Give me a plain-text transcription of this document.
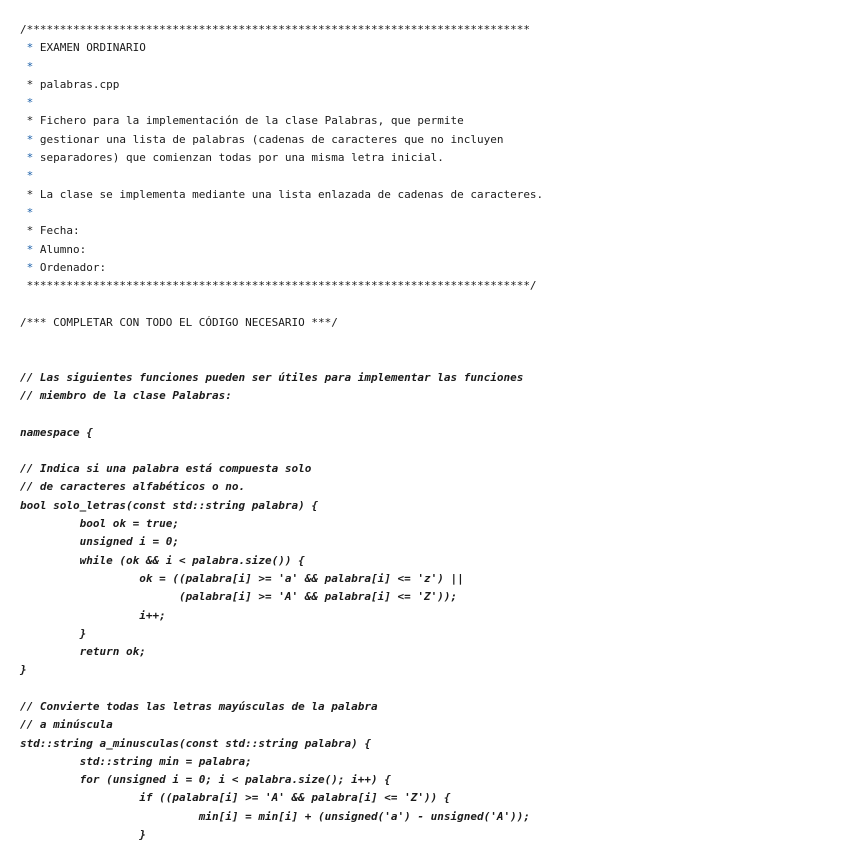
/****************************************************************************
* EXAMEN ORDINARIO
*
* palabras.cpp
*
* Fichero para la implementación de la clase Palabras, que permite
* gestionar una lista de palabras (cadenas de caracteres que no incluyen
* separadores) que comienzan todas por una misma letra inicial.
*
* La clase se implementa mediante una lista enlazada de cadenas de caracteres.
*
* Fecha:
* Alumno:
* Ordenador:
****************************************************************************/
/*** COMPLETAR CON TODO EL CÓDIGO NECESARIO ***/
// Las siguientes funciones pueden ser útiles para implementar las funciones
// miembro de la clase Palabras:
namespace {
// Indica si una palabra está compuesta solo
// de caracteres alfabéticos o no.
bool solo_letras(const std::string palabra) {
bool ok = true;
unsigned i = 0;
while (ok && i < palabra.size()) {
ok = ((palabra[i] >= 'a' && palabra[i] <= 'z') ||
(palabra[i] >= 'A' && palabra[i] <= 'Z'));
i++;
}
return ok;
}
// Convierte todas las letras mayúsculas de la palabra
// a minúscula
std::string a_minusculas(const std::string palabra) {
std::string min = palabra;
for (unsigned i = 0; i < palabra.size(); i++) {
if ((palabra[i] >= 'A' && palabra[i] <= 'Z')) {
min[i] = min[i] + (unsigned('a') - unsigned('A'));
}
